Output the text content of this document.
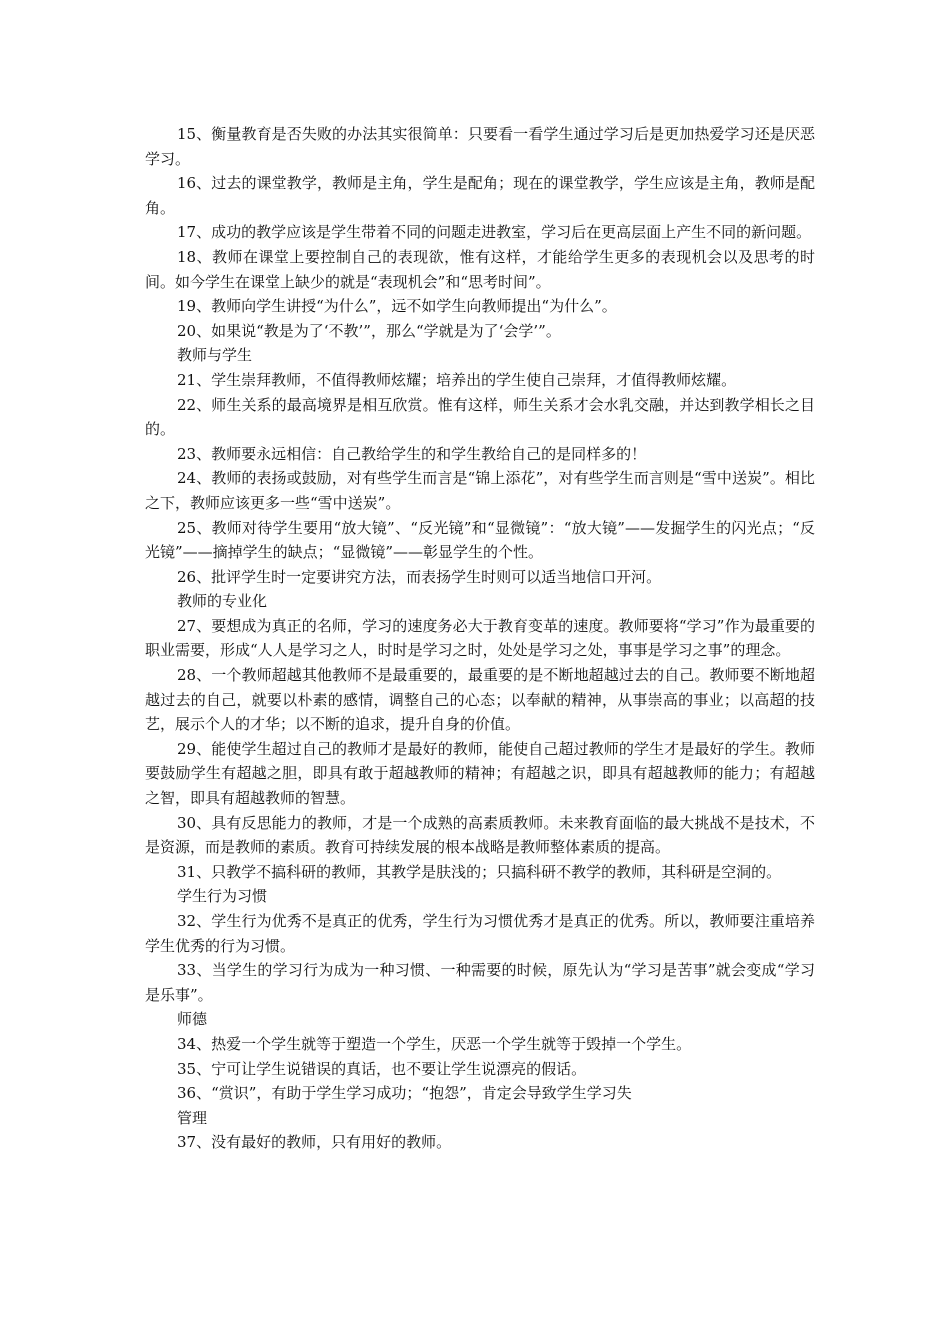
15、衡量教育是否失败的办法其实很简单：只要看一看学生通过学习后是更加热爱学习还是厌恶学习。

16、过去的课堂教学，教师是主角，学生是配角；现在的课堂教学，学生应该是主角，教师是配角。

17、成功的教学应该是学生带着不同的问题走进教室，学习后在更高层面上产生不同的新问题。

18、教师在课堂上要控制自己的表现欲，惟有这样，才能给学生更多的表现机会以及思考的时间。如今学生在课堂上缺少的就是“表现机会”和“思考时间”。

19、教师向学生讲授“为什么”，远不如学生向教师提出“为什么”。

20、如果说“教是为了‘不教’”，那么“学就是为了‘会学’”。

教师与学生

21、学生崇拜教师，不值得教师炫耀；培养出的学生使自己崇拜，才值得教师炫耀。

22、师生关系的最高境界是相互欣赏。惟有这样，师生关系才会水乳交融，并达到教学相长之目的。

23、教师要永远相信：自己教给学生的和学生教给自己的是同样多的！

24、教师的表扬或鼓励，对有些学生而言是“锦上添花”，对有些学生而言则是“雪中送炭”。相比之下，教师应该更多一些“雪中送炭”。

25、教师对待学生要用“放大镜”、“反光镜”和“显微镜”：“放大镜”——发掘学生的闪光点；“反光镜”——摘掉学生的缺点；“显微镜”——彰显学生的个性。

26、批评学生时一定要讲究方法，而表扬学生时则可以适当地信口开河。

教师的专业化

27、要想成为真正的名师，学习的速度务必大于教育变革的速度。教师要将“学习”作为最重要的职业需要，形成“人人是学习之人，时时是学习之时，处处是学习之处，事事是学习之事”的理念。

28、一个教师超越其他教师不是最重要的，最重要的是不断地超越过去的自己。教师要不断地超越过去的自己，就要以朴素的感情，调整自己的心态；以奉献的精神，从事崇高的事业；以高超的技艺，展示个人的才华；以不断的追求，提升自身的价值。

29、能使学生超过自己的教师才是最好的教师，能使自己超过教师的学生才是最好的学生。教师要鼓励学生有超越之胆，即具有敢于超越教师的精神；有超越之识，即具有超越教师的能力；有超越之智，即具有超越教师的智慧。

30、具有反思能力的教师，才是一个成熟的高素质教师。未来教育面临的最大挑战不是技术，不是资源，而是教师的素质。教育可持续发展的根本战略是教师整体素质的提高。

31、只教学不搞科研的教师，其教学是肤浅的；只搞科研不教学的教师，其科研是空洞的。

学生行为习惯

32、学生行为优秀不是真正的优秀，学生行为习惯优秀才是真正的优秀。所以，教师要注重培养学生优秀的行为习惯。

33、当学生的学习行为成为一种习惯、一种需要的时候，原先认为“学习是苦事”就会变成“学习是乐事”。

师德

34、热爱一个学生就等于塑造一个学生，厌恶一个学生就等于毁掉一个学生。

35、宁可让学生说错误的真话，也不要让学生说漂亮的假话。

36、“赏识”，有助于学生学习成功；“抱怨”，肯定会导致学生学习失

管理

37、没有最好的教师，只有用好的教师。
